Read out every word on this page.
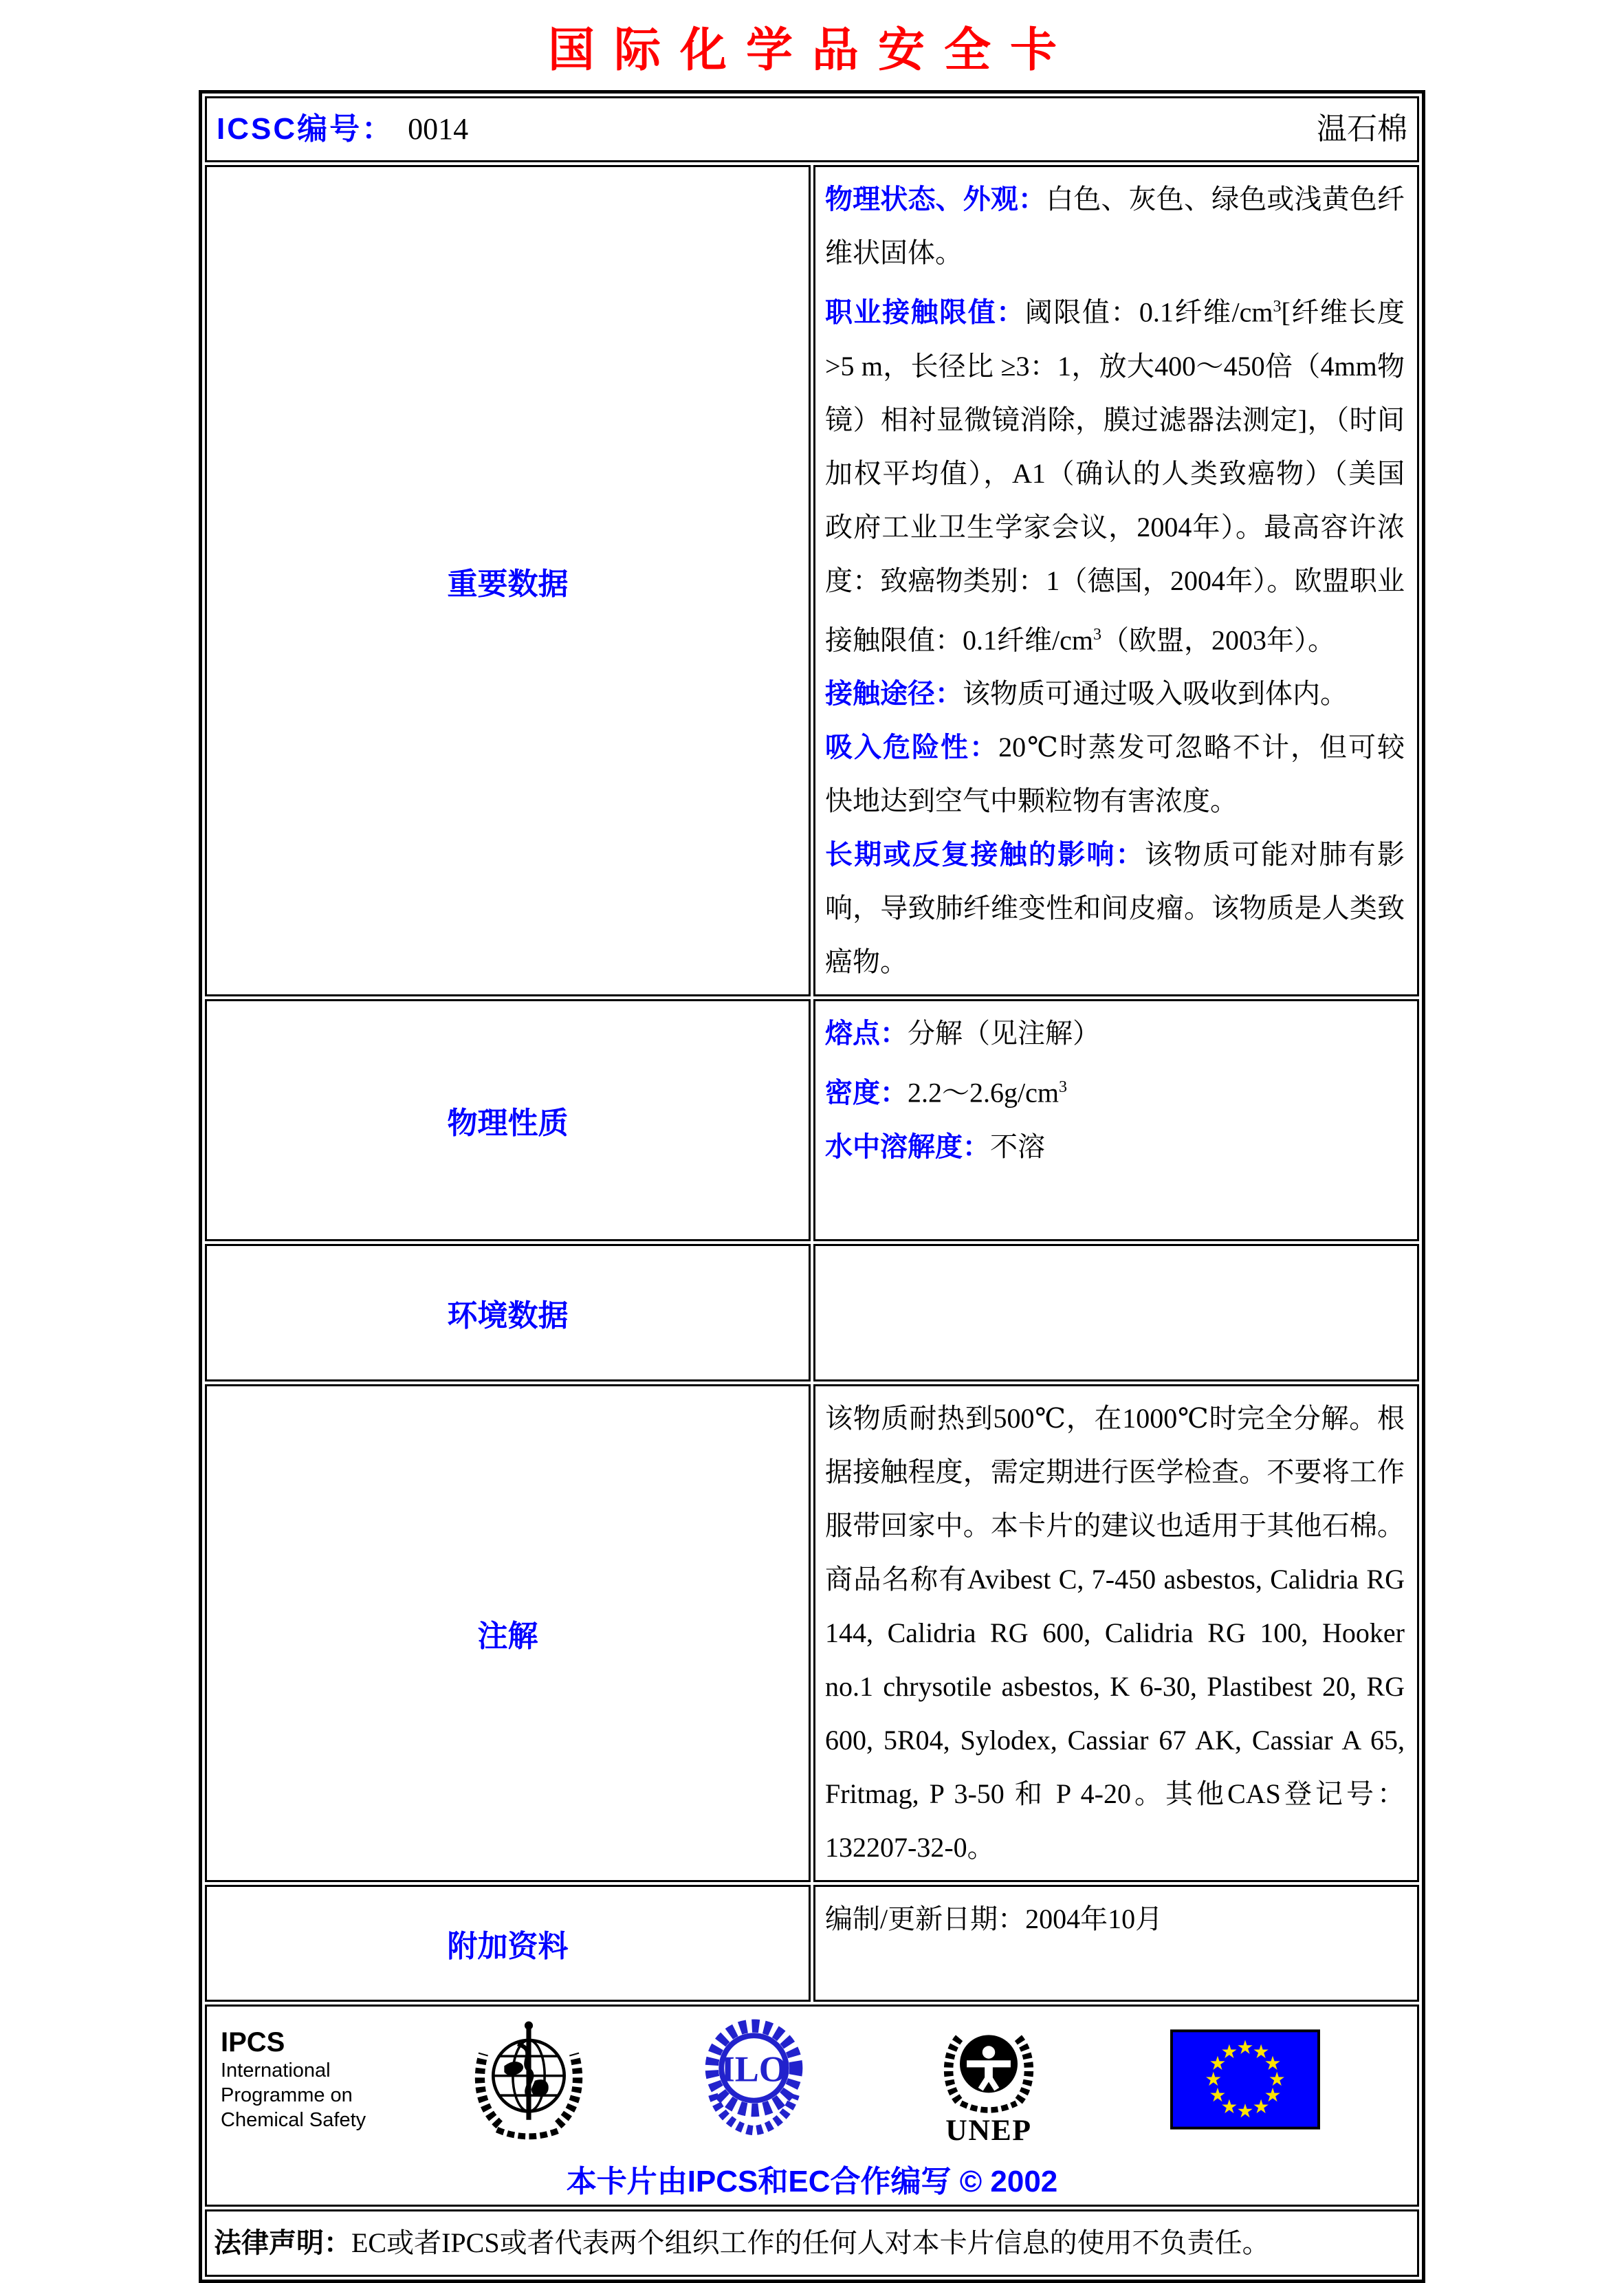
国际化学品安全卡
ICSC编号： 0014 温石棉	

重要数据	物理状态、外观：白色、灰色、绿色或浅黄色纤维状固体。

职业接触限值：阈限值：0.1纤维$/cm^3$[纤维长度>5 m，长径比 ≥3：1，放大400～450倍（4mm物镜）相衬显微镜消除，膜过滤器法测定]，（时间加权平均值），A1（确认的人类致癌物）（美国政府工业卫生学家会议，2004年）。最高容许浓度：致癌物类别：1（德国，2004年）。欧盟职业接触限值：0.1纤维$/cm^3$（欧盟，2003年）。

接触途径：该物质可通过吸入吸收到体内。

吸入危险性：20℃时蒸发可忽略不计，但可较快地达到空气中颗粒物有害浓度。

长期或反复接触的影响：该物质可能对肺有影响，导致肺纤维变性和间皮瘤。该物质是人类致癌物。

物理性质	熔点：分解（见注解）

密度：$2.2\sim 2.6g/cm^3$

水中溶解度：不溶

环境数据	
注解	该物质耐热到500℃，在1000℃时完全分解。根据接触程度，需定期进行医学检查。不要将工作服带回家中。本卡片的建议也适用于其他石棉。商品名称有Avibest C, 7-450 asbestos, Calidria RG 144, Calidria RG 600, Calidria RG 100, Hooker no.1 chrysotile asbestos, K 6-30, Plastibest 20, RG 600, 5R04, Sylodex, Cassiar 67 AK, Cassiar A 65, Fritmag, P 3-50 和 P 4-20。其他CAS登记号：132207-32-0。

附加资料	编制/更新日期：2004年10月

IPCS
International
Programme on
Chemical Safety
ILO
UNEP
本卡片由IPCS和EC合作编写 © 2002

法律声明：EC或者IPCS或者代表两个组织工作的任何人对本卡片信息的使用不负责任。	
